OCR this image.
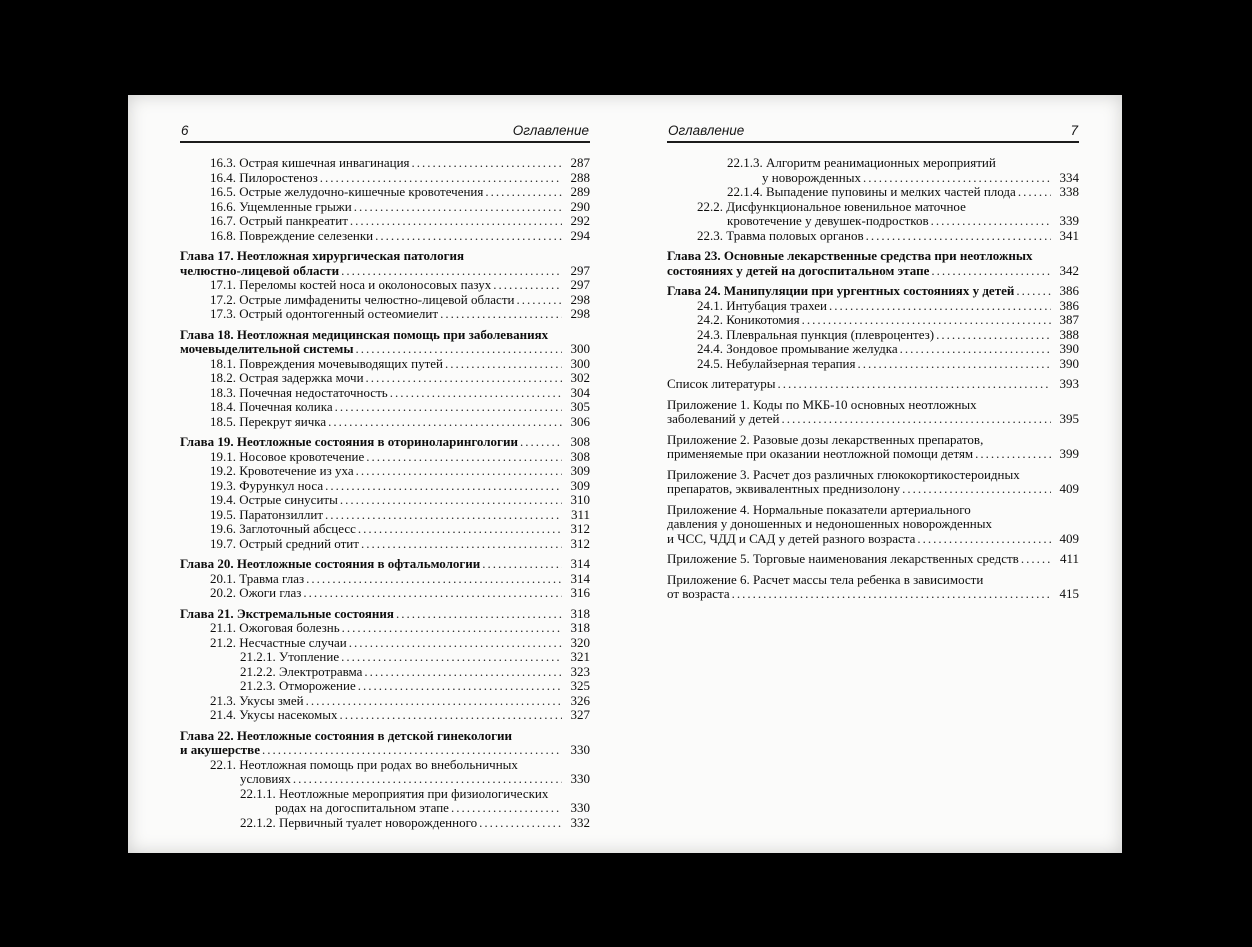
6	Оглавление
16.3. Острая кишечная инвагинация .....	287
16.4. Пилоростеноз .....	288
16.5. Острые желудочно-кишечные кровотечения .....	289
16.6. Ущемленные грыжи .....	290
16.7. Острый панкреатит .....	292
16.8. Повреждение селезенки .....	294
Глава 17. Неотложная хирургическая патология
челюстно-лицевой области .....	297
17.1. Переломы костей носа и околоносовых пазух .....	297
17.2. Острые лимфадениты челюстно-лицевой области .....	298
17.3. Острый одонтогенный остеомиелит .....	298
Глава 18. Неотложная медицинская помощь при заболеваниях
мочевыделительной системы .....	300
18.1. Повреждения мочевыводящих путей .....	300
18.2. Острая задержка мочи .....	302
18.3. Почечная недостаточность .....	304
18.4. Почечная колика .....	305
18.5. Перекрут яичка .....	306
Глава 19. Неотложные состояния в оториноларингологии .....	308
19.1. Носовое кровотечение .....	308
19.2. Кровотечение из уха .....	309
19.3. Фурункул носа .....	309
19.4. Острые синуситы .....	310
19.5. Паратонзиллит .....	311
19.6. Заглоточный абсцесс .....	312
19.7. Острый средний отит .....	312
Глава 20. Неотложные состояния в офтальмологии .....	314
20.1. Травма глаз .....	314
20.2. Ожоги глаз .....	316
Глава 21. Экстремальные состояния .....	318
21.1. Ожоговая болезнь .....	318
21.2. Несчастные случаи .....	320
21.2.1. Утопление .....	321
21.2.2. Электротравма .....	323
21.2.3. Отморожение .....	325
21.3. Укусы змей .....	326
21.4. Укусы насекомых .....	327
Глава 22. Неотложные состояния в детской гинекологии
и акушерстве .....	330
22.1. Неотложная помощь при родах во внебольничных
условиях .....	330
22.1.1. Неотложные мероприятия при физиологических
родах на догоспитальном этапе .....	330
22.1.2. Первичный туалет новорожденного .....	332
Оглавление	7
22.1.3. Алгоритм реанимационных мероприятий
у новорожденных .....	334
22.1.4. Выпадение пуповины и мелких частей плода .....	338
22.2. Дисфункциональное ювенильное маточное
кровотечение у девушек-подростков .....	339
22.3. Травма половых органов .....	341
Глава 23. Основные лекарственные средства при неотложных
состояниях у детей на догоспитальном этапе .....	342
Глава 24. Манипуляции при ургентных состояниях у детей .....	386
24.1. Интубация трахеи .....	386
24.2. Коникотомия .....	387
24.3. Плевральная пункция (плевроцентез) .....	388
24.4. Зондовое промывание желудка .....	390
24.5. Небулайзерная терапия .....	390
Список литературы .....	393
Приложение 1. Коды по МКБ-10 основных неотложных
заболеваний у детей .....	395
Приложение 2. Разовые дозы лекарственных препаратов,
применяемые при оказании неотложной помощи детям .....	399
Приложение 3. Расчет доз различных глюкокортикостероидных
препаратов, эквивалентных преднизолону .....	409
Приложение 4. Нормальные показатели артериального
давления у доношенных и недоношенных новорожденных
и ЧСС, ЧДД и САД у детей разного возраста .....	409
Приложение 5. Торговые наименования лекарственных средств .....	411
Приложение 6. Расчет массы тела ребенка в зависимости
от возраста .....	415
